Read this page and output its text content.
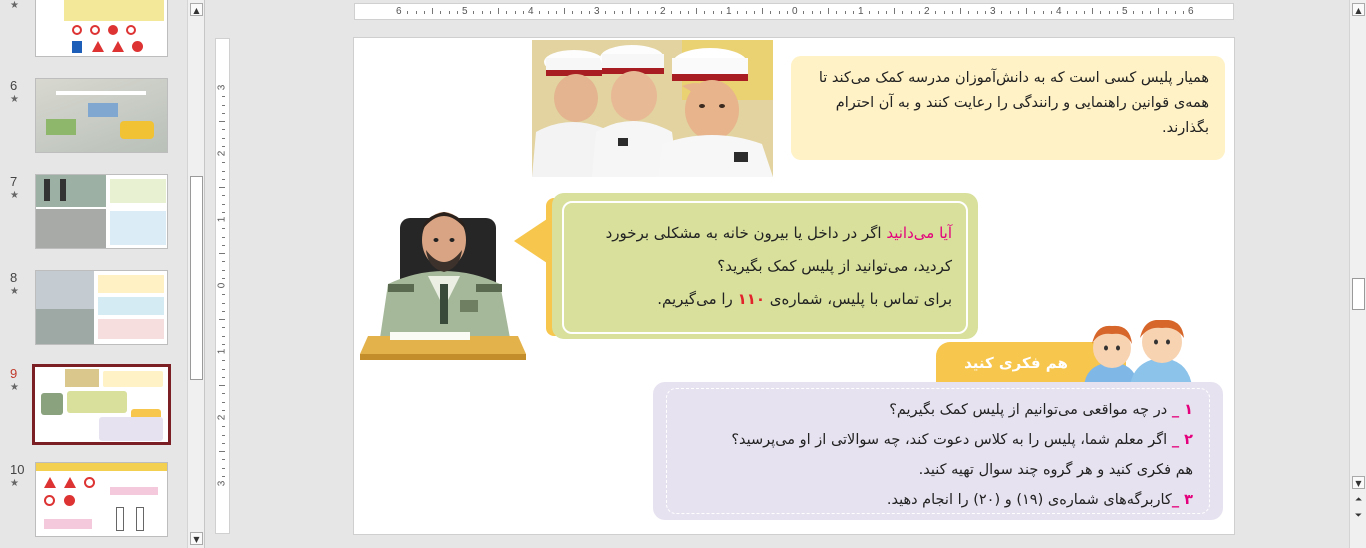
★
6
★
7
★
8
★
9
★
10
★
▲
▼
6	5	4	3	2	1	0	1	2	3	4	5	6
3
2
1
0
1
2
3
همیار پلیس کسی است که به دانش‌آموزان مدرسه کمک می‌کند تا همه‌ی قوانین راهنمایی و رانندگی را رعایت کنند و به آن احترام بگذارند.
آیا می‌دانید اگر در داخل یا بیرون خانه به مشکلی برخورد کردید، می‌توانید از پلیس کمک بگیرید؟
برای تماس با پلیس، شماره‌ی ۱۱۰ را می‌گیریم.
هم فکری کنید
۱ _ در چه مواقعی می‌توانیم از پلیس کمک بگیریم؟
۲ _ اگر معلم شما، پلیس را به کلاس دعوت کند، چه سوالاتی از او می‌پرسید؟
هم فکری کنید و هر گروه چند سوال تهیه کنید.
۳ _کاربرگه‌های شماره‌ی (۱۹) و (۲۰) را انجام دهید.
▲
▼
⏶
⏷
